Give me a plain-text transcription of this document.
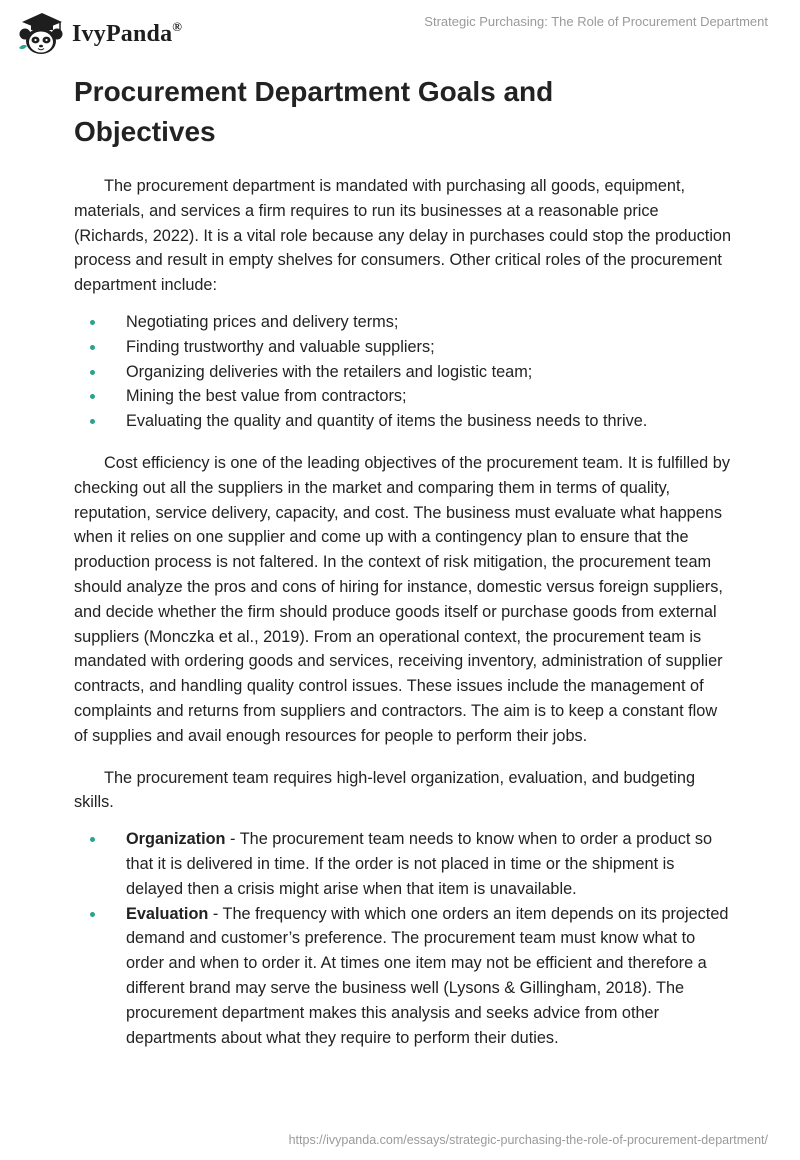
IvyPanda®	Strategic Purchasing: The Role of Procurement Department
Procurement Department Goals and
Objectives

The procurement department is mandated with purchasing all goods, equipment, materials, and services a firm requires to run its businesses at a reasonable price (Richards, 2022). It is a vital role because any delay in purchases could stop the production process and result in empty shelves for consumers. Other critical roles of the procurement department include:

Negotiating prices and delivery terms;
Finding trustworthy and valuable suppliers;
Organizing deliveries with the retailers and logistic team;
Mining the best value from contractors;
Evaluating the quality and quantity of items the business needs to thrive.

Cost efficiency is one of the leading objectives of the procurement team. It is fulfilled by checking out all the suppliers in the market and comparing them in terms of quality, reputation, service delivery, capacity, and cost. The business must evaluate what happens when it relies on one supplier and come up with a contingency plan to ensure that the production process is not faltered. In the context of risk mitigation, the procurement team should analyze the pros and cons of hiring for instance, domestic versus foreign suppliers, and decide whether the firm should produce goods itself or purchase goods from external suppliers (Monczka et al., 2019). From an operational context, the procurement team is mandated with ordering goods and services, receiving inventory, administration of supplier contracts, and handling quality control issues. These issues include the management of complaints and returns from suppliers and contractors. The aim is to keep a constant flow of supplies and avail enough resources for people to perform their jobs.

The procurement team requires high-level organization, evaluation, and budgeting skills.

Organization - The procurement team needs to know when to order a product so that it is delivered in time. If the order is not placed in time or the shipment is delayed then a crisis might arise when that item is unavailable.
Evaluation - The frequency with which one orders an item depends on its projected demand and customer’s preference. The procurement team must know what to order and when to order it. At times one item may not be efficient and therefore a different brand may serve the business well (Lysons & Gillingham, 2018). The procurement department makes this analysis and seeks advice from other departments about what they require to perform their duties.
https://ivypanda.com/essays/strategic-purchasing-the-role-of-procurement-department/
